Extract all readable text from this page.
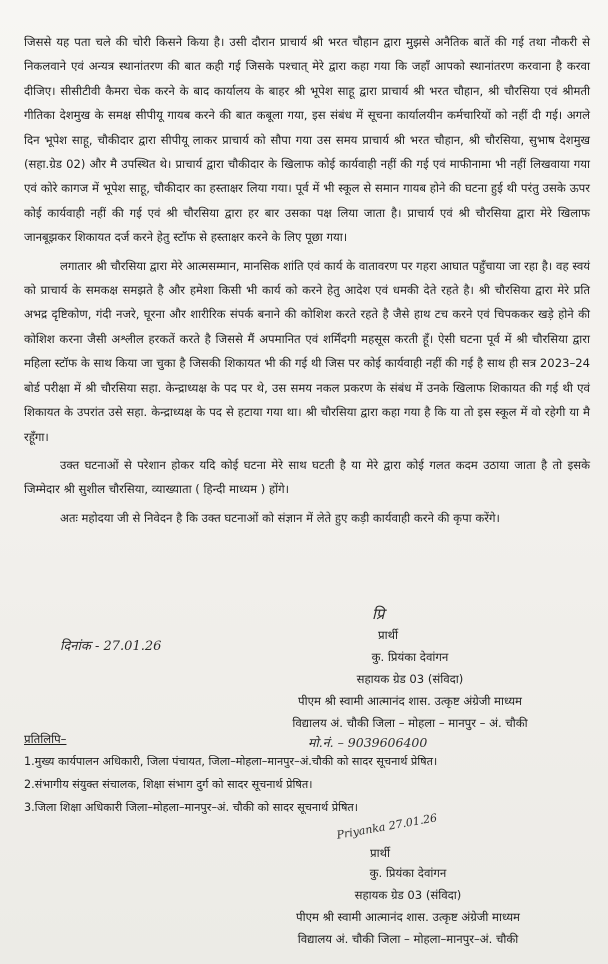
जिससे यह पता चले की चोरी किसने किया है। उसी दौरान प्राचार्य श्री भरत चौहान द्वारा मुझसे अनैतिक बातें की गई तथा नौकरी से निकलवाने एवं अन्यत्र स्थानांतरण की बात कही गई जिसके पश्चात् मेरे द्वारा कहा गया कि जहाँ आपको स्थानांतरण करवाना है करवा दीजिए। सीसीटीवी कैमरा चेक करने के बाद कार्यालय के बाहर श्री भूपेश साहू द्वारा प्राचार्य श्री भरत चौहान, श्री चौरसिया एवं श्रीमती गीतिका देशमुख के समक्ष सीपीयू गायब करने की बात कबूला गया, इस संबंध में सूचना कार्यालयीन कर्मचारियों को नहीं दी गई। अगले दिन भूपेश साहू, चौकीदार द्वारा सीपीयू लाकर प्राचार्य को सौपा गया उस समय प्राचार्य श्री भरत चौहान, श्री चौरसिया, सुभाष देशमुख (सहा.ग्रेड 02) और मै उपस्थित थे। प्राचार्य द्वारा चौकीदार के खिलाफ कोई कार्यवाही नहीं की गई एवं माफीनामा भी नहीं लिखवाया गया एवं कोरे कागज में भूपेश साहू, चौकीदार का हस्ताक्षर लिया गया। पूर्व में भी स्कूल से समान गायब होने की घटना हुई थी परंतु उसके ऊपर कोई कार्यवाही नहीं की गई एवं श्री चौरसिया द्वारा हर बार उसका पक्ष लिया जाता है। प्राचार्य एवं श्री चौरसिया द्वारा मेरे खिलाफ जानबूझकर शिकायत दर्ज करने हेतु स्टॉफ से हस्ताक्षर करने के लिए पूछा गया।

लगातार श्री चौरसिया द्वारा मेरे आत्मसम्मान, मानसिक शांति एवं कार्य के वातावरण पर गहरा आघात पहुँचाया जा रहा है। वह स्वयं को प्राचार्य के समकक्ष समझते है और हमेशा किसी भी कार्य को करने हेतु आदेश एवं धमकी देते रहते है। श्री चौरसिया द्वारा मेरे प्रति अभद्र दृष्टिकोण, गंदी नजरे, घूरना और शारीरिक संपर्क बनाने की कोशिश करते रहते है जैसे हाथ टच करने एवं चिपककर खड़े होने की कोशिश करना जैसी अश्लील हरकतें करते है जिससे मैं अपमानित एवं शर्मिंदगी महसूस करती हूँ। ऐसी घटना पूर्व में श्री चौरसिया द्वारा महिला स्टॉफ के साथ किया जा चुका है जिसकी शिकायत भी की गई थी जिस पर कोई कार्यवाही नहीं की गई है साथ ही सत्र 2023–24 बोर्ड परीक्षा में श्री चौरसिया सहा. केन्द्राध्यक्ष के पद पर थे, उस समय नकल प्रकरण के संबंध में उनके खिलाफ शिकायत की गई थी एवं शिकायत के उपरांत उसे सहा. केन्द्राध्यक्ष के पद से हटाया गया था। श्री चौरसिया द्वारा कहा गया है कि या तो इस स्कूल में वो रहेगी या मै रहूँगा।

उक्त घटनाओं से परेशान होकर यदि कोई घटना मेरे साथ घटती है या मेरे द्वारा कोई गलत कदम उठाया जाता है तो इसके जिम्मेदार श्री सुशील चौरसिया, व्याख्याता ( हिन्दी माध्यम ) होंगे।

अतः महोदया जी से निवेदन है कि उक्त घटनाओं को संज्ञान में लेते हुए कड़ी कार्यवाही करने की कृपा करेंगे।

प्रि
प्रार्थी
दिनांक - 27.01.26
कु. प्रियंका देवांगन
सहायक ग्रेड 03 (संविदा)
पीएम श्री स्वामी आत्मानंद शास. उत्कृष्ट अंग्रेजी माध्यम
विद्यालय अं. चौकी जिला – मोहला – मानपुर – अं. चौकी
मो.नं. – 9039606400
प्रतिलिपि–
1.मुख्य कार्यपालन अधिकारी, जिला पंचायत, जिला–मोहला–मानपुर–अं.चौकी को सादर सूचनार्थ प्रेषित।
2.संभागीय संयुक्त संचालक, शिक्षा संभाग दुर्ग को सादर सूचनार्थ प्रेषित।
3.जिला शिक्षा अधिकारी जिला–मोहला–मानपुर–अं. चौकी को सादर सूचनार्थ प्रेषित।
Priyanka 27.01.26
प्रार्थी
कु. प्रियंका देवांगन
सहायक ग्रेड 03 (संविदा)
पीएम श्री स्वामी आत्मानंद शास. उत्कृष्ट अंग्रेजी माध्यम
विद्यालय अं. चौकी जिला – मोहला–मानपुर–अं. चौकी
